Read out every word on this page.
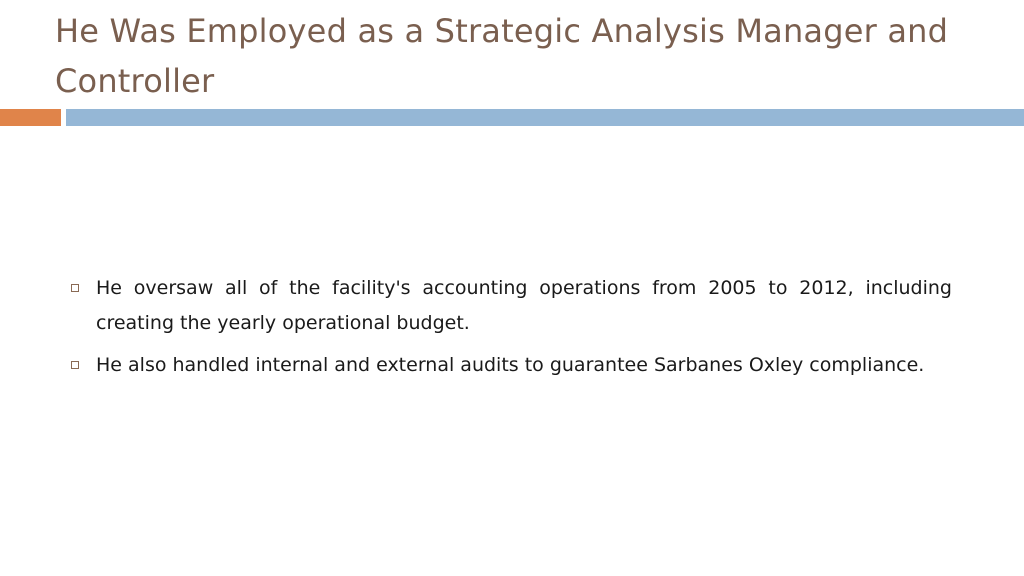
He Was Employed as a Strategic Analysis Manager and Controller
He oversaw all of the facility's accounting operations from 2005 to 2012, including creating the yearly operational budget.
He also handled internal and external audits to guarantee Sarbanes Oxley compliance.
